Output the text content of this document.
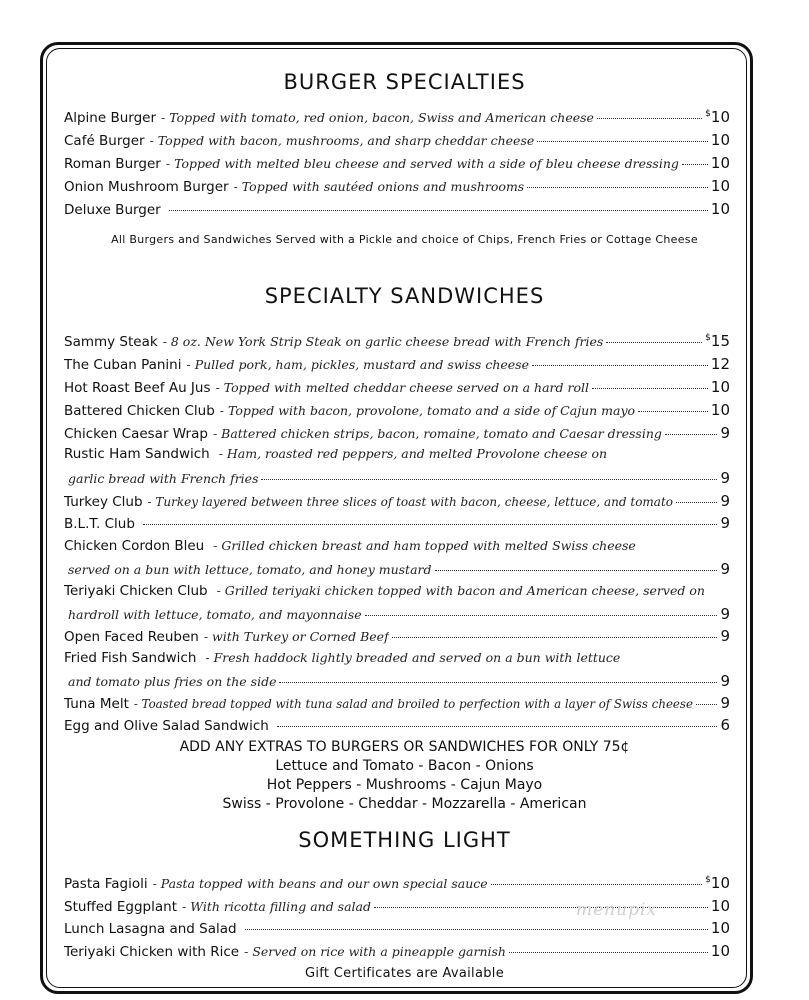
BURGER SPECIALTIES
Alpine Burger - Topped with tomato, red onion, bacon, Swiss and American cheese	$10
Café Burger - Topped with bacon, mushrooms, and sharp cheddar cheese	10
Roman Burger - Topped with melted bleu cheese and served with a side of bleu cheese dressing 10
Onion Mushroom Burger - Topped with sautéed onions and mushrooms	10
Deluxe Burger	10
All Burgers and Sandwiches Served with a Pickle and choice of Chips, French Fries or Cottage Cheese
SPECIALTY SANDWICHES
Sammy Steak - 8 oz. New York Strip Steak on garlic cheese bread with French fries	$15
The Cuban Panini - Pulled pork, ham, pickles, mustard and swiss cheese	12
Hot Roast Beef Au Jus - Topped with melted cheddar cheese served on a hard roll	10
Battered Chicken Club - Topped with bacon, provolone, tomato and a side of Cajun mayo	10
Chicken Caesar Wrap - Battered chicken strips, bacon, romaine, tomato and Caesar dressing	9
Rustic Ham Sandwich - Ham, roasted red peppers, and melted Provolone cheese on
garlic bread with French fries	9
Turkey Club - Turkey layered between three slices of toast with bacon, cheese, lettuce, and tomato	9
B.L.T. Club	9
Chicken Cordon Bleu - Grilled chicken breast and ham topped with melted Swiss cheese
served on a bun with lettuce, tomato, and honey mustard	9
Teriyaki Chicken Club - Grilled teriyaki chicken topped with bacon and American cheese, served on
hardroll with lettuce, tomato, and mayonnaise	9
Open Faced Reuben - with Turkey or Corned Beef	9
Fried Fish Sandwich - Fresh haddock lightly breaded and served on a bun with lettuce
and tomato plus fries on the side	9
Tuna Melt - Toasted bread topped with tuna salad and broiled to perfection with a layer of Swiss cheese 9
Egg and Olive Salad Sandwich	6
ADD ANY EXTRAS TO BURGERS OR SANDWICHES FOR ONLY 75¢
Lettuce and Tomato - Bacon - Onions
Hot Peppers - Mushrooms - Cajun Mayo
Swiss - Provolone - Cheddar - Mozzarella - American
SOMETHING LIGHT
Pasta Fagioli - Pasta topped with beans and our own special sauce	$10
Stuffed Eggplant - With ricotta filling and salad	10
Lunch Lasagna and Salad	10
Teriyaki Chicken with Rice - Served on rice with a pineapple garnish	10
Gift Certificates are Available
menupix
